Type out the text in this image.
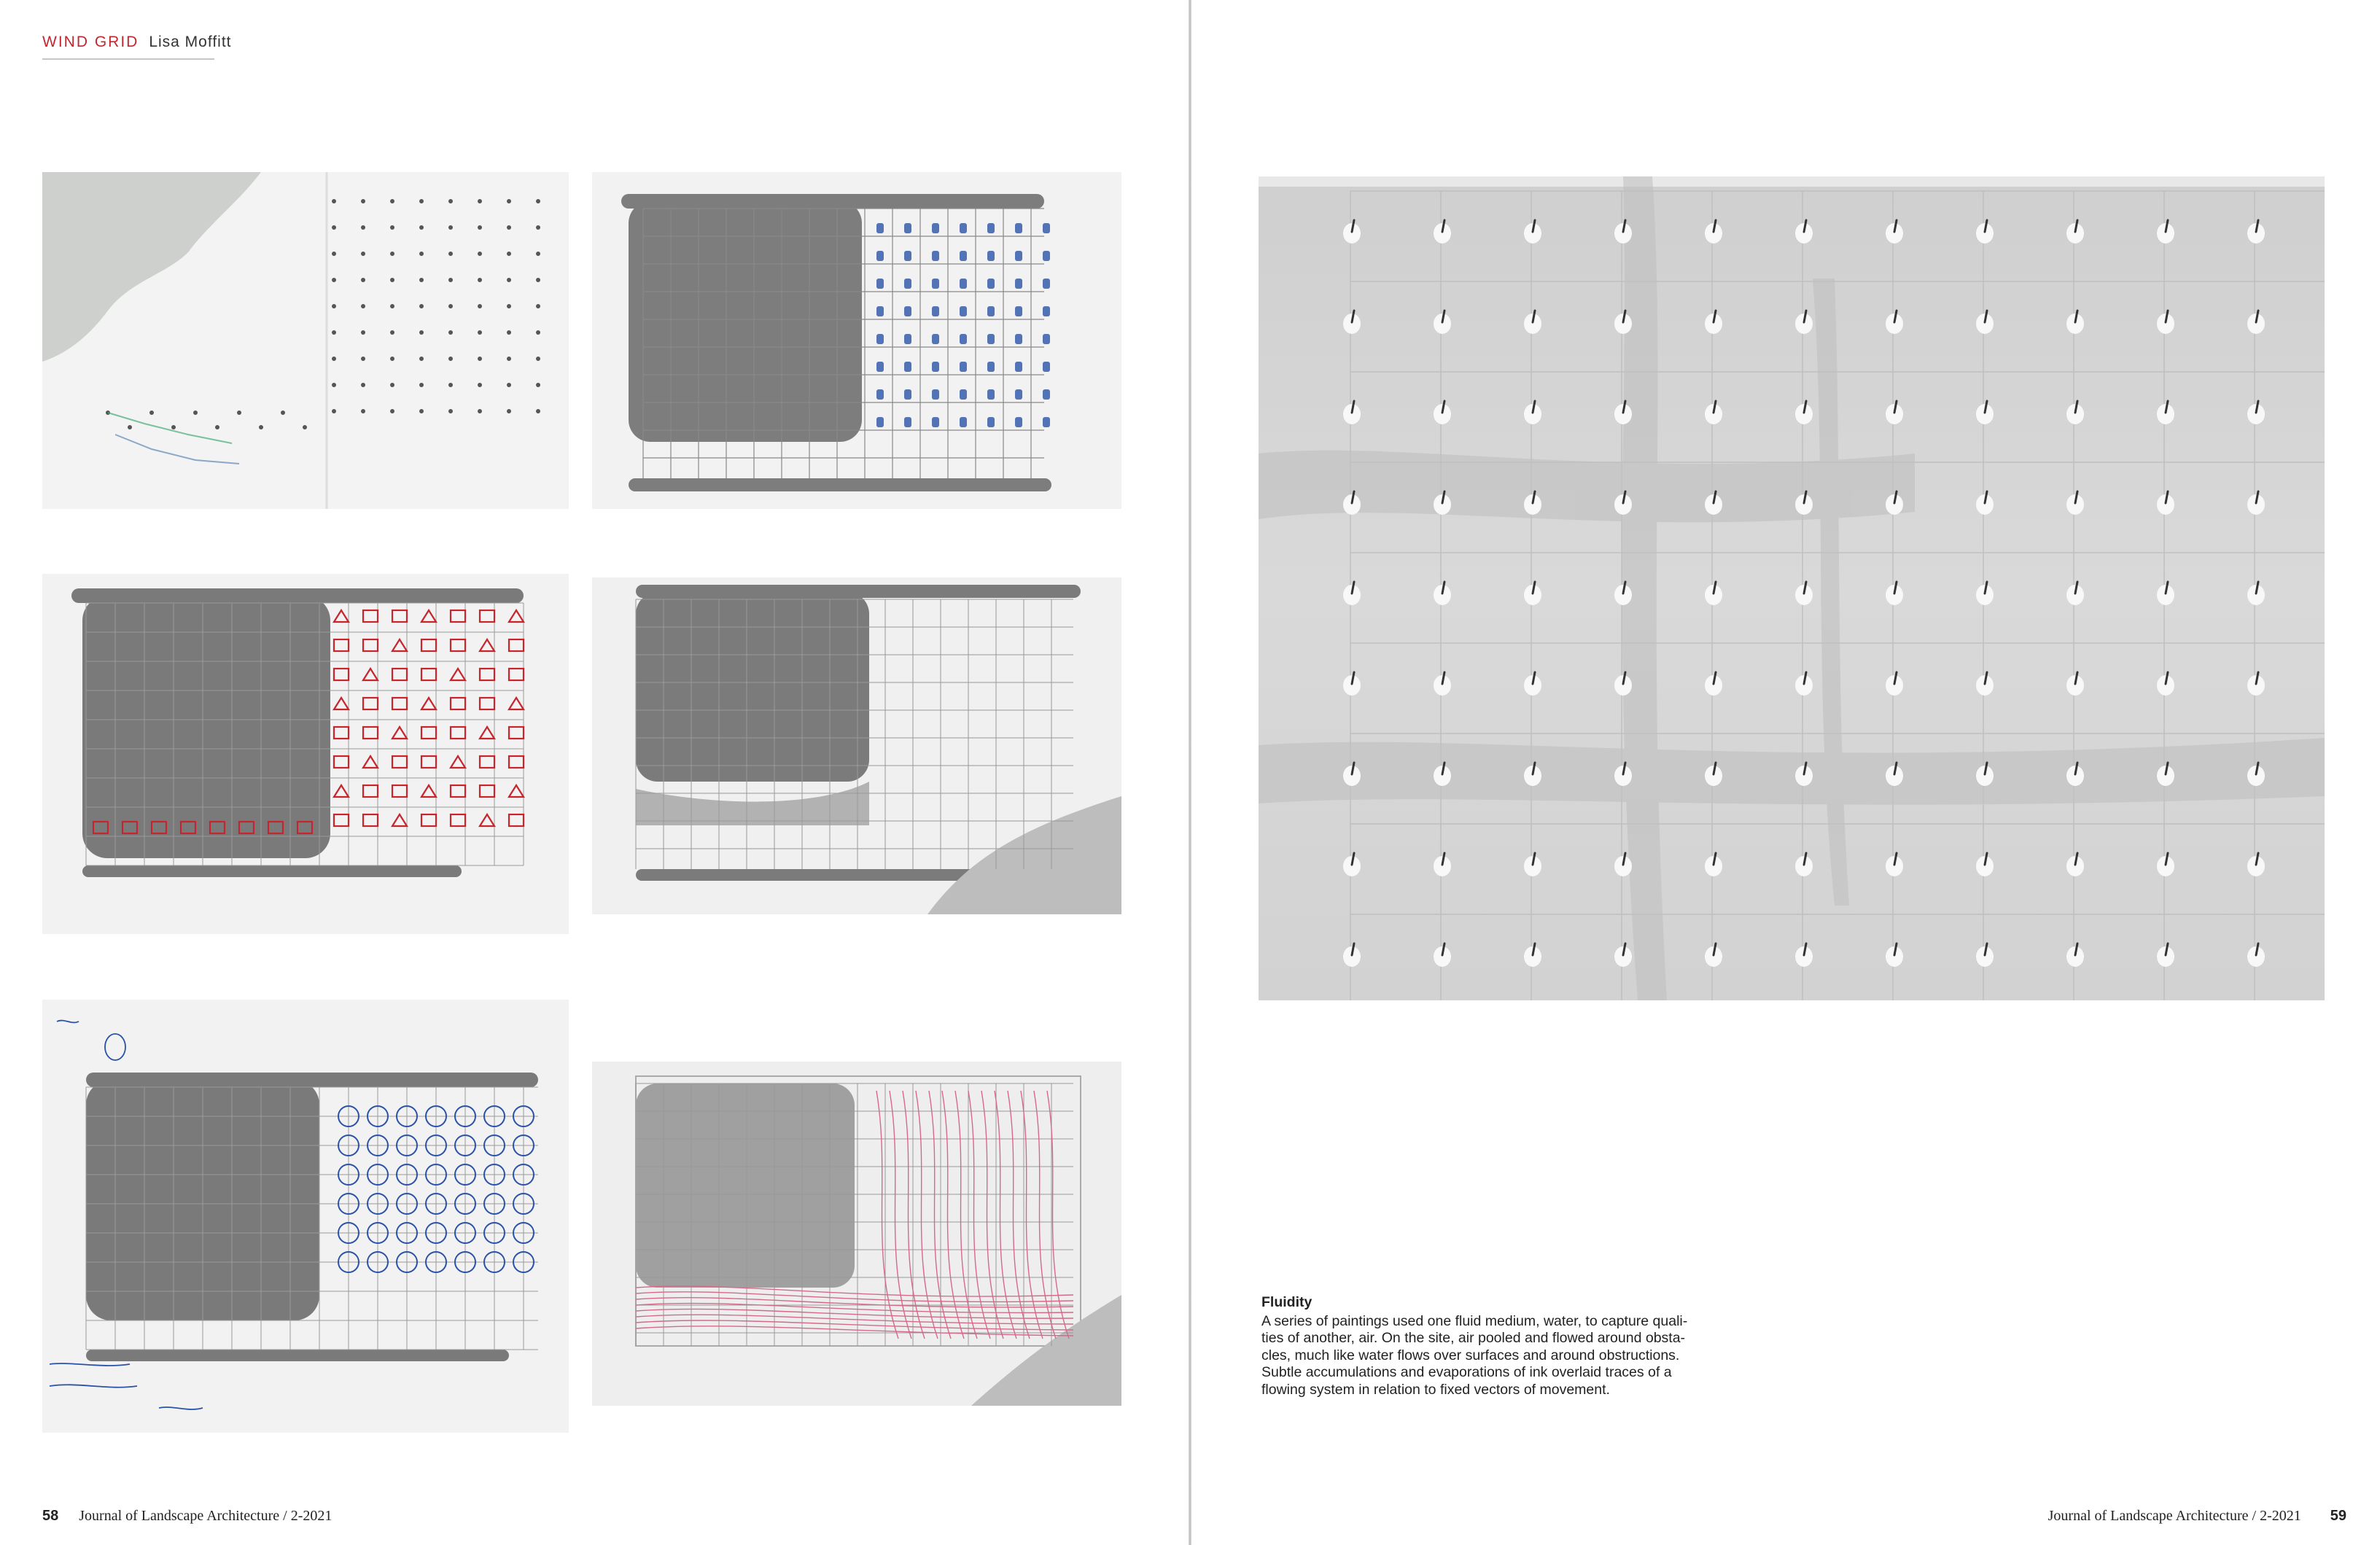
WIND GRID Lisa Moffitt
Fluidity
A series of paintings used one fluid medium, water, to capture quali-
ties of another, air. On the site, air pooled and flowed around obsta-
cles, much like water flows over surfaces and around obstructions.
Subtle accumulations and evaporations of ink overlaid traces of a
flowing system in relation to fixed vectors of movement.
58 Journal of Landscape Architecture / 2-2021	Journal of Landscape Architecture / 2-2021 59
